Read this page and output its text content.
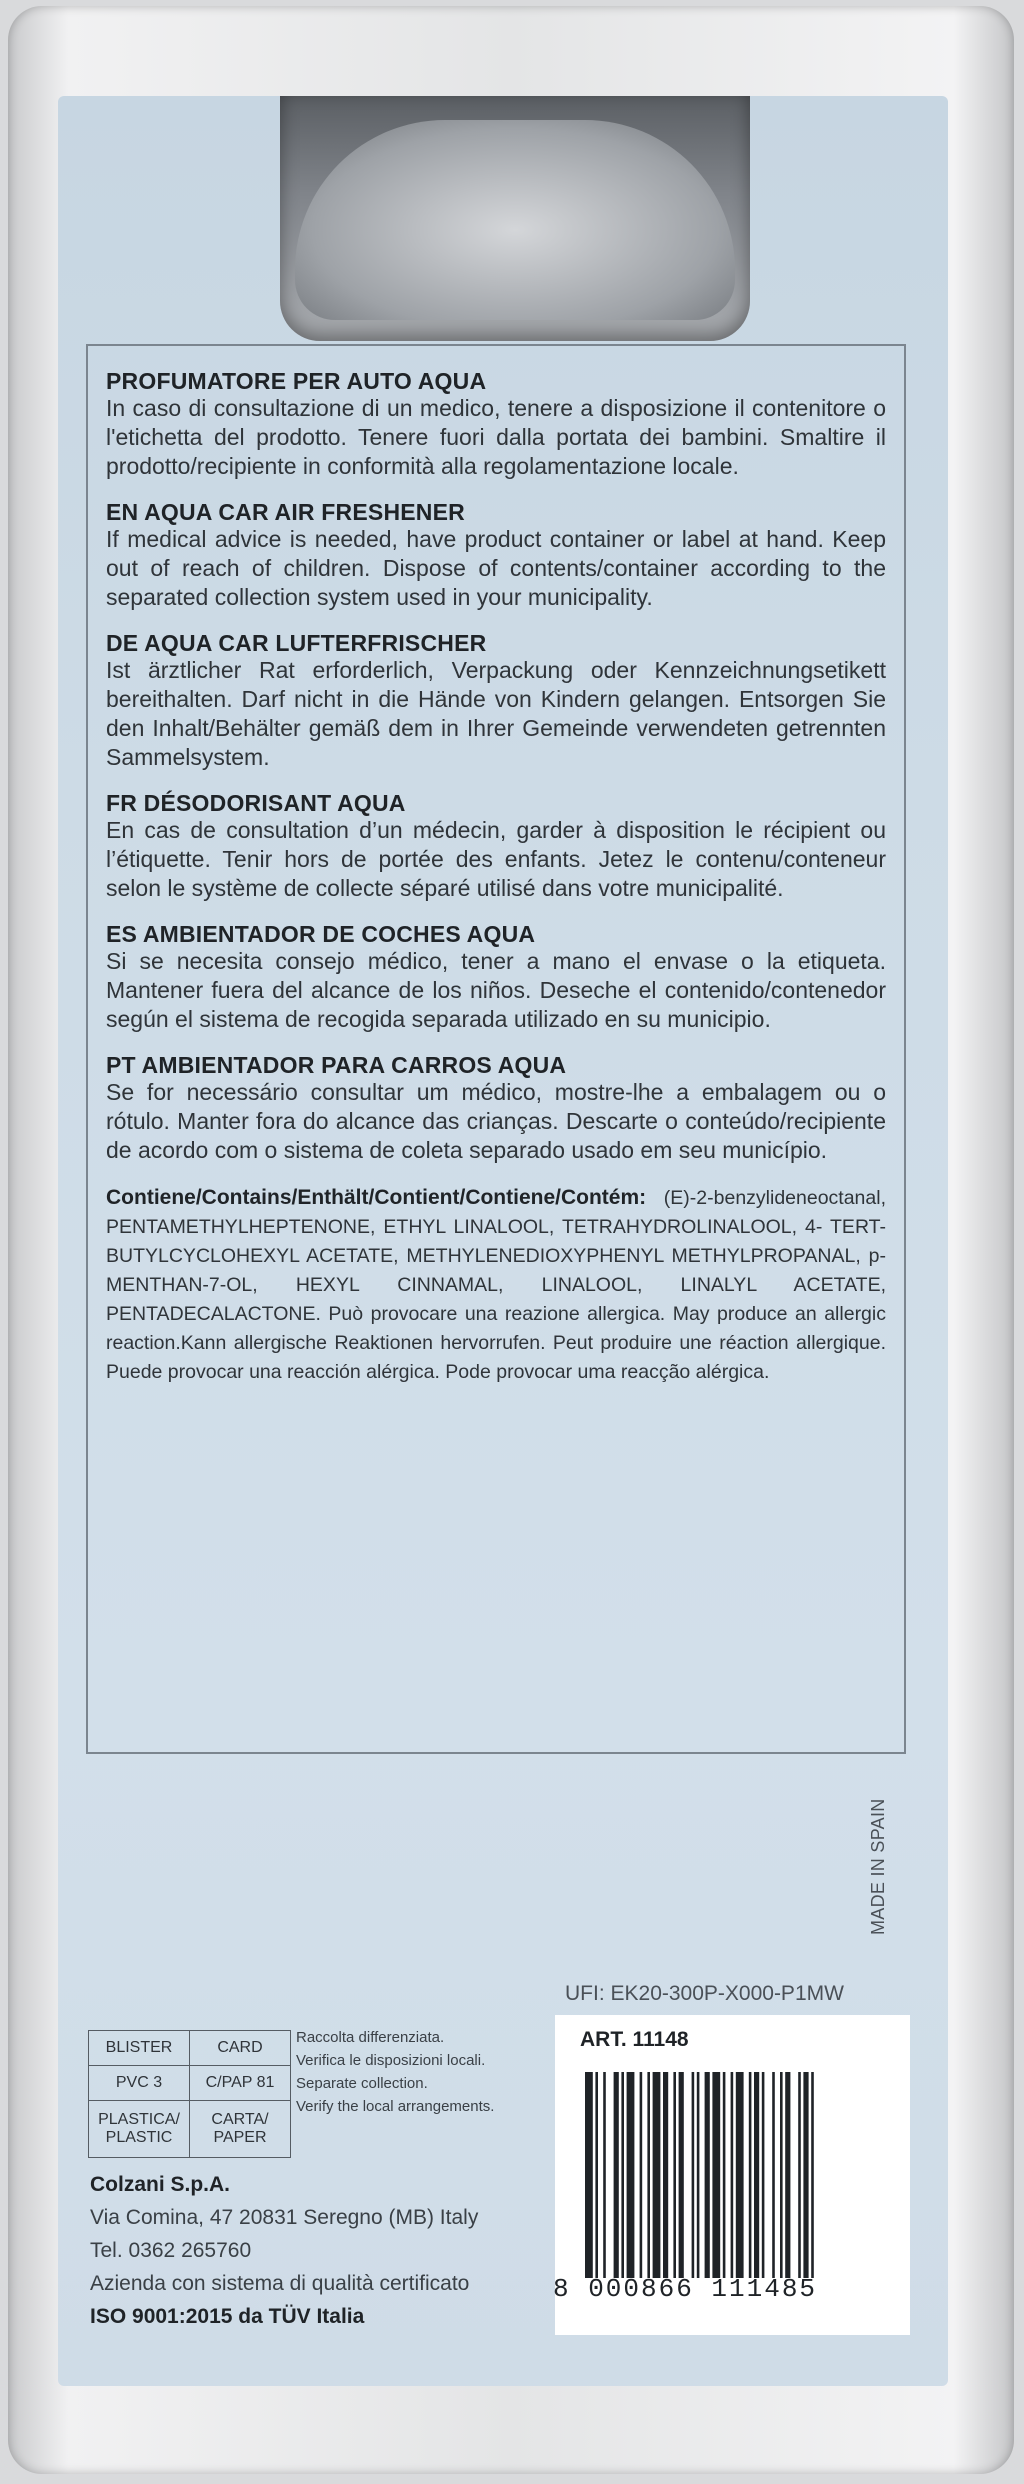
PROFUMATORE PER AUTO AQUA
In caso di consultazione di un medico, tenere a disposizione il contenitore o l'etichetta del prodotto. Tenere fuori dalla portata dei bambini. Smaltire il prodotto/recipiente in conformità alla regolamentazione locale.
EN AQUA CAR AIR FRESHENER
If medical advice is needed, have product container or label at hand. Keep out of reach of children. Dispose of contents/container according to the separated collection system used in your municipality.
DE AQUA CAR LUFTERFRISCHER
Ist ärztlicher Rat erforderlich, Verpackung oder Kennzeichnungsetikett bereithalten. Darf nicht in die Hände von Kindern gelangen. Entsorgen Sie den Inhalt/Behälter gemäß dem in Ihrer Gemeinde verwendeten getrennten Sammelsystem.
FR DÉSODORISANT AQUA
En cas de consultation d’un médecin, garder à disposition le récipient ou l’étiquette. Tenir hors de portée des enfants. Jetez le contenu/conteneur selon le système de collecte séparé utilisé dans votre municipalité.
ES AMBIENTADOR DE COCHES AQUA
Si se necesita consejo médico, tener a mano el envase o la etiqueta. Mantener fuera del alcance de los niños. Deseche el contenido/contenedor según el sistema de recogida separada utilizado en su municipio.
PT AMBIENTADOR PARA CARROS AQUA
Se for necessário consultar um médico, mostre-lhe a embalagem ou o rótulo. Manter fora do alcance das crianças. Descarte o conteúdo/recipiente de acordo com o sistema de coleta separado usado em seu município.
Contiene/Contains/Enthält/Contient/Contiene/Contém: (E)-2-benzylideneoctanal, PENTAMETHYLHEPTENONE, ETHYL LINALOOL, TETRAHYDROLINALOOL, 4- TERT-BUTYLCYCLOHEXYL ACETATE, METHYLENEDIOXYPHENYL METHYLPROPANAL, p-MENTHAN-7-OL, HEXYL CINNAMAL, LINALOOL, LINALYL ACETATE, PENTADECALACTONE. Può provocare una reazione allergica. May produce an allergic reaction.Kann allergische Reaktionen hervorrufen. Peut produire une réaction allergique. Puede provocar una reacción alérgica. Pode provocar uma reacção alérgica.
MADE IN SPAIN
UFI: EK20-300P-X000-P1MW
BLISTER	CARD
PVC 3	C/PAP 81
PLASTICA/ PLASTIC	CARTA/ PAPER
Raccolta differenziata.
Verifica le disposizioni locali.
Separate collection.
Verify the local arrangements.
Colzani S.p.A.
Via Comina, 47 20831 Seregno (MB) Italy
Tel. 0362 265760
Azienda con sistema di qualità certificato
ISO 9001:2015 da TÜV Italia
ART. 11148
8 000866 111485
